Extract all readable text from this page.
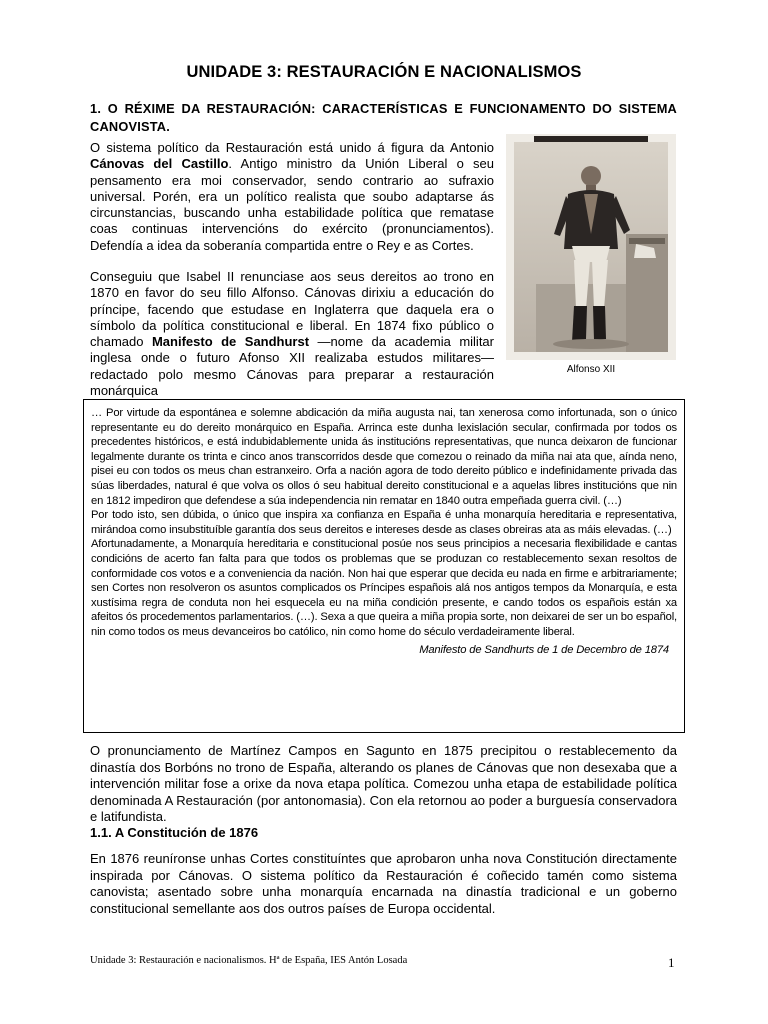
UNIDADE 3: RESTAURACIÓN E NACIONALISMOS
1. O RÉXIME DA RESTAURACIÓN: CARACTERÍSTICAS E FUNCIONAMENTO DO SISTEMA CANOVISTA.

O sistema político da Restauración está unido á figura da Antonio Cánovas del Castillo. Antigo ministro da Unión Liberal o seu pensamento era moi conservador, sendo contrario ao sufraxio universal. Porén, era un político realista que soubo adaptarse ás circunstancias, buscando unha estabilidade política que rematase coas continuas intervencións do exército (pronunciamentos). Defendía a idea da soberanía compartida entre o Rey e as Cortes.

Conseguiu que Isabel II renunciase aos seus dereitos ao trono en 1870 en favor do seu fillo Alfonso. Cánovas dirixiu a educación do príncipe, facendo que estudase en Inglaterra que daquela era o símbolo da política constitucional e liberal. En 1874 fixo público o chamado Manifesto de Sandhurst —nome da academia militar inglesa onde o futuro Afonso XII realizaba estudos militares— redactado polo mesmo Cánovas para preparar a restauración monárquica

Alfonso XII

… Por virtude da espontánea e solemne abdicación da miña augusta nai, tan xenerosa como infortunada, son o único representante eu do dereito monárquico en España. Arrinca este dunha lexislación secular, confirmada por todos os precedentes históricos, e está indubidablemente unida ás institucións representativas, que nunca deixaron de funcionar legalmente durante os trinta e cinco anos transcorridos desde que comezou o reinado da miña nai ata que, aínda neno, pisei eu con todos os meus chan estranxeiro. Orfa a nación agora de todo dereito público e indefinidamente privada das súas liberdades, natural é que volva os ollos ó seu habitual dereito constitucional e a aquelas libres institucións que nin en 1812 impediron que defendese a súa independencia nin rematar en 1840 outra empeñada guerra civil. (…)

Por todo isto, sen dúbida, o único que inspira xa confianza en España é unha monarquía hereditaria e representativa, mirándoa como insubstituíble garantía dos seus dereitos e intereses desde as clases obreiras ata as máis elevadas. (…)

Afortunadamente, a Monarquía hereditaria e constitucional posúe nos seus principios a necesaria flexibilidade e cantas condicións de acerto fan falta para que todos os problemas que se produzan co restablecemento sexan resoltos de conformidade cos votos e a conveniencia da nación. Non hai que esperar que decida eu nada en firme e arbitrariamente; sen Cortes non resolveron os asuntos complicados os Príncipes españois alá nos antigos tempos da Monarquía, e esta xustísima regra de conduta non hei esquecela eu na miña condición presente, e cando todos os españois están xa afeitos ós procedementos parlamentarios. (…). Sexa a que queira a miña propia sorte, non deixarei de ser un bo español, nin como todos os meus devanceiros bo católico, nin como home do século verdadeiramente liberal.

Manifesto de Sandhurts de 1 de Decembro de 1874

O pronunciamento de Martínez Campos en Sagunto en 1875 precipitou o restablecemento da dinastía dos Borbóns no trono de España, alterando os planes de Cánovas que non desexaba que a intervención militar fose a orixe da nova etapa política. Comezou unha etapa de estabilidade política denominada A Restauración (por antonomasia). Con ela retornou ao poder a burguesía conservadora e latifundista.

1.1. A Constitución de 1876

En 1876 reuníronse unhas Cortes constituíntes que aprobaron unha nova Constitución directamente inspirada por Cánovas. O sistema político da Restauración é coñecido tamén como sistema canovista; asentado sobre unha monarquía encarnada na dinastía tradicional e un goberno constitucional semellante aos dos outros países de Europa occidental.

Unidade 3: Restauración e nacionalismos. Hª de España, IES Antón Losada	1
